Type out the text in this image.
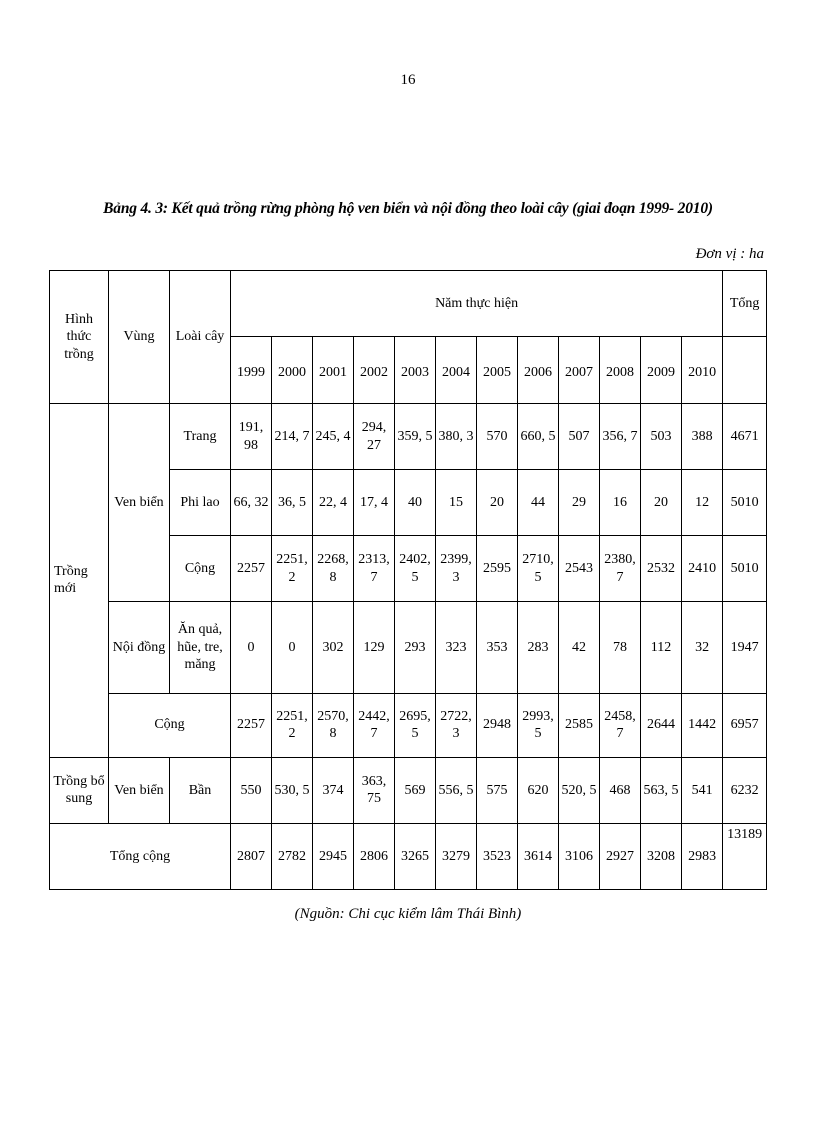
16
Bảng 4. 3: Kết quả trồng rừng phòng hộ ven biển và nội đồng theo loài cây (giai đoạn 1999- 2010)
Đơn vị : ha
Hình thức trồng	Vùng	Loài cây	Năm thực hiện												Tổng
			1999	2000	2001	2002	2003	2004	2005	2006	2007	2008	2009	2010	
Trồng mới	Ven biển	Trang	191, 98	214, 7	245, 4	294, 27	359, 5	380, 3	570	660, 5	507	356, 7	503	388	4671
		Phi lao	66, 32	36, 5	22, 4	17, 4	40	15	20	44	29	16	20	12	5010
		Cộng	2257	2251, 2	2268, 8	2313, 7	2402, 5	2399, 3	2595	2710, 5	2543	2380, 7	2532	2410	5010
	Nội đồng	Ăn quả, hũe, tre, măng	0	0	302	129	293	323	353	283	42	78	112	32	1947
	Cộng		2257	2251, 2	2570, 8	2442, 7	2695, 5	2722, 3	2948	2993, 5	2585	2458, 7	2644	1442	6957
Trồng bổ sung	Ven biển	Bần	550	530, 5	374	363, 75	569	556, 5	575	620	520, 5	468	563, 5	541	6232
Tổng cộng			2807	2782	2945	2806	3265	3279	3523	3614	3106	2927	3208	2983	13189
(Nguồn: Chi cục kiểm lâm Thái Bình)
